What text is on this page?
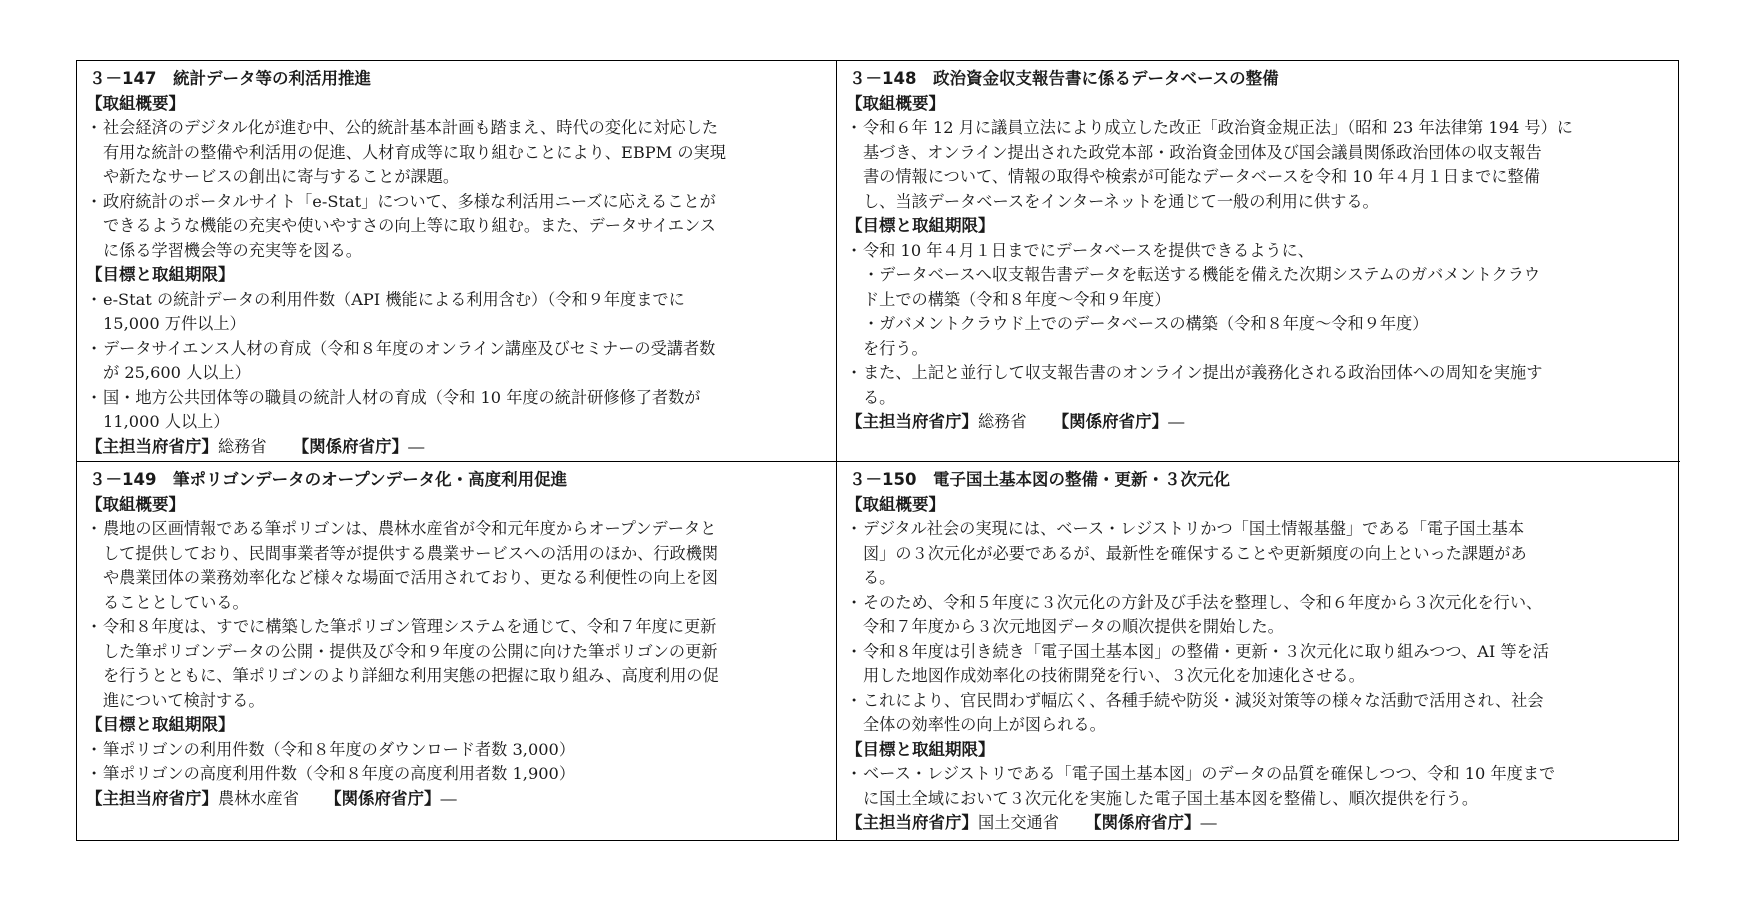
３－147　統計データ等の利活用推進
【取組概要】
・ 社会経済のデジタル化が進む中、公的統計基本計画も踏まえ、時代の変化に対応した
有用な統計の整備や利活用の促進、人材育成等に取り組むことにより、EBPM の実現
や新たなサービスの創出に寄与することが課題。
・ 政府統計のポータルサイト「e-Stat」について、多様な利活用ニーズに応えることが
できるような機能の充実や使いやすさの向上等に取り組む。また、データサイエンス
に係る学習機会等の充実等を図る。
【目標と取組期限】
・ e-Stat の統計データの利用件数（API 機能による利用含む）（令和９年度までに
15,000 万件以上）
・ データサイエンス人材の育成（令和８年度のオンライン講座及びセミナーの受講者数
が 25,600 人以上）
・ 国・地方公共団体等の職員の統計人材の育成（令和 10 年度の統計研修修了者数が
11,000 人以上）
【主担当府省庁】総務省 【関係府省庁】―
３－148　政治資金収支報告書に係るデータベースの整備
【取組概要】
・ 令和６年 12 月に議員立法により成立した改正「政治資金規正法」（昭和 23 年法律第 194 号）に
基づき、オンライン提出された政党本部・政治資金団体及び国会議員関係政治団体の収支報告
書の情報について、情報の取得や検索が可能なデータベースを令和 10 年４月１日までに整備
し、当該データベースをインターネットを通じて一般の利用に供する。
【目標と取組期限】
・ 令和 10 年４月１日までにデータベースを提供できるように、
・データベースへ収支報告書データを転送する機能を備えた次期システムのガバメントクラウ
ド上での構築（令和８年度～令和９年度）
・ガバメントクラウド上でのデータベースの構築（令和８年度～令和９年度）
を行う。
・ また、上記と並行して収支報告書のオンライン提出が義務化される政治団体への周知を実施す
る。
【主担当府省庁】総務省 【関係府省庁】―
３－149　筆ポリゴンデータのオープンデータ化・高度利用促進
【取組概要】
・ 農地の区画情報である筆ポリゴンは、農林水産省が令和元年度からオープンデータと
して提供しており、民間事業者等が提供する農業サービスへの活用のほか、行政機関
や農業団体の業務効率化など様々な場面で活用されており、更なる利便性の向上を図
ることとしている。
・ 令和８年度は、すでに構築した筆ポリゴン管理システムを通じて、令和７年度に更新
した筆ポリゴンデータの公開・提供及び令和９年度の公開に向けた筆ポリゴンの更新
を行うとともに、筆ポリゴンのより詳細な利用実態の把握に取り組み、高度利用の促
進について検討する。
【目標と取組期限】
・ 筆ポリゴンの利用件数（令和８年度のダウンロード者数 3,000）
・ 筆ポリゴンの高度利用件数（令和８年度の高度利用者数 1,900）
【主担当府省庁】農林水産省 【関係府省庁】―
３－150　電子国土基本図の整備・更新・３次元化
【取組概要】
・ デジタル社会の実現には、ベース・レジストリかつ「国土情報基盤」である「電子国土基本
図」の３次元化が必要であるが、最新性を確保することや更新頻度の向上といった課題があ
る。
・ そのため、令和５年度に３次元化の方針及び手法を整理し、令和６年度から３次元化を行い、
令和７年度から３次元地図データの順次提供を開始した。
・ 令和８年度は引き続き「電子国土基本図」の整備・更新・３次元化に取り組みつつ、AI 等を活
用した地図作成効率化の技術開発を行い、３次元化を加速化させる。
・ これにより、官民問わず幅広く、各種手続や防災・減災対策等の様々な活動で活用され、社会
全体の効率性の向上が図られる。
【目標と取組期限】
・ ベース・レジストリである「電子国土基本図」のデータの品質を確保しつつ、令和 10 年度まで
に国土全域において３次元化を実施した電子国土基本図を整備し、順次提供を行う。
【主担当府省庁】国土交通省 【関係府省庁】―
